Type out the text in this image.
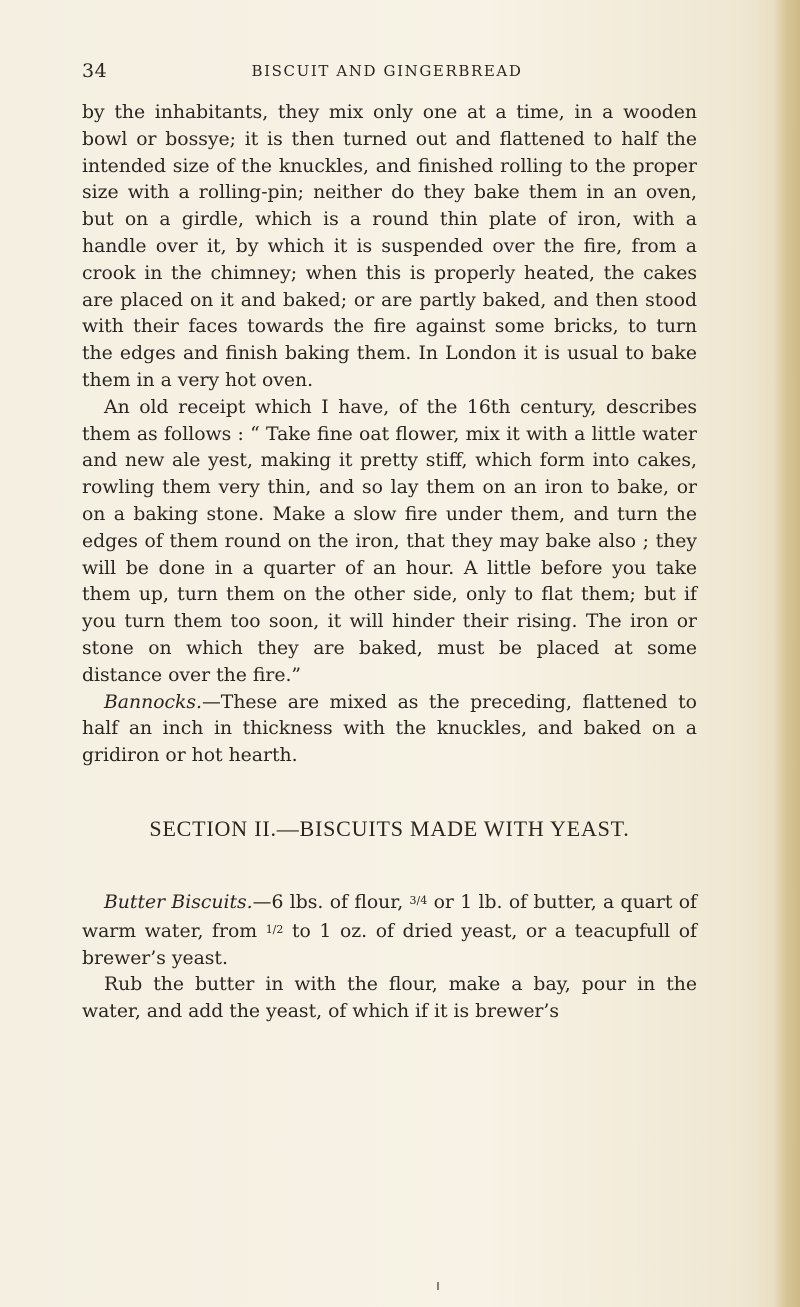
34	BISCUIT AND GINGERBREAD

by the inhabitants, they mix only one at a time, in a wooden bowl or bossye; it is then turned out and flattened to half the intended size of the knuckles, and finished rolling to the proper size with a rolling-pin; neither do they bake them in an oven, but on a girdle, which is a round thin plate of iron, with a handle over it, by which it is suspended over the fire, from a crook in the chimney; when this is properly heated, the cakes are placed on it and baked; or are partly baked, and then stood with their faces towards the fire against some bricks, to turn the edges and finish baking them. In London it is usual to bake them in a very hot oven.

An old receipt which I have, of the 16th century, describes them as follows : “ Take fine oat flower, mix it with a little water and new ale yest, making it pretty stiff, which form into cakes, rowling them very thin, and so lay them on an iron to bake, or on a baking stone. Make a slow fire under them, and turn the edges of them round on the iron, that they may bake also ; they will be done in a quarter of an hour. A little before you take them up, turn them on the other side, only to flat them; but if you turn them too soon, it will hinder their rising. The iron or stone on which they are baked, must be placed at some distance over the fire.”

Bannocks.—These are mixed as the preceding, flattened to half an inch in thickness with the knuckles, and baked on a gridiron or hot hearth.

SECTION II.—BISCUITS MADE WITH YEAST.

Butter Biscuits.—6 lbs. of flour, $^{3/4}$ or 1 lb. of butter, a quart of warm water, from $^{1/2}$ to 1 oz. of dried yeast, or a teacupfull of brewer’s yeast.

Rub the butter in with the flour, make a bay, pour in the water, and add the yeast, of which if it is brewer’s
